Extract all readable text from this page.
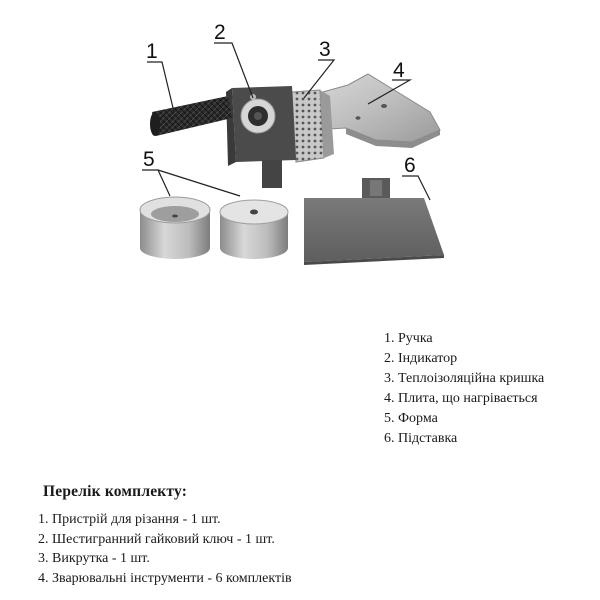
1
2
3
4
5	6
1. Ручка
2. Індикатор
3. Теплоізоляційна кришка
4. Плита, що нагрівається
5. Форма
6. Підставка
Перелік комплекту:
1. Пристрій для різання - 1 шт.
2. Шестигранний гайковий ключ - 1 шт.
3. Викрутка - 1 шт.
4. Зварювальні інструменти - 6 комплектів
